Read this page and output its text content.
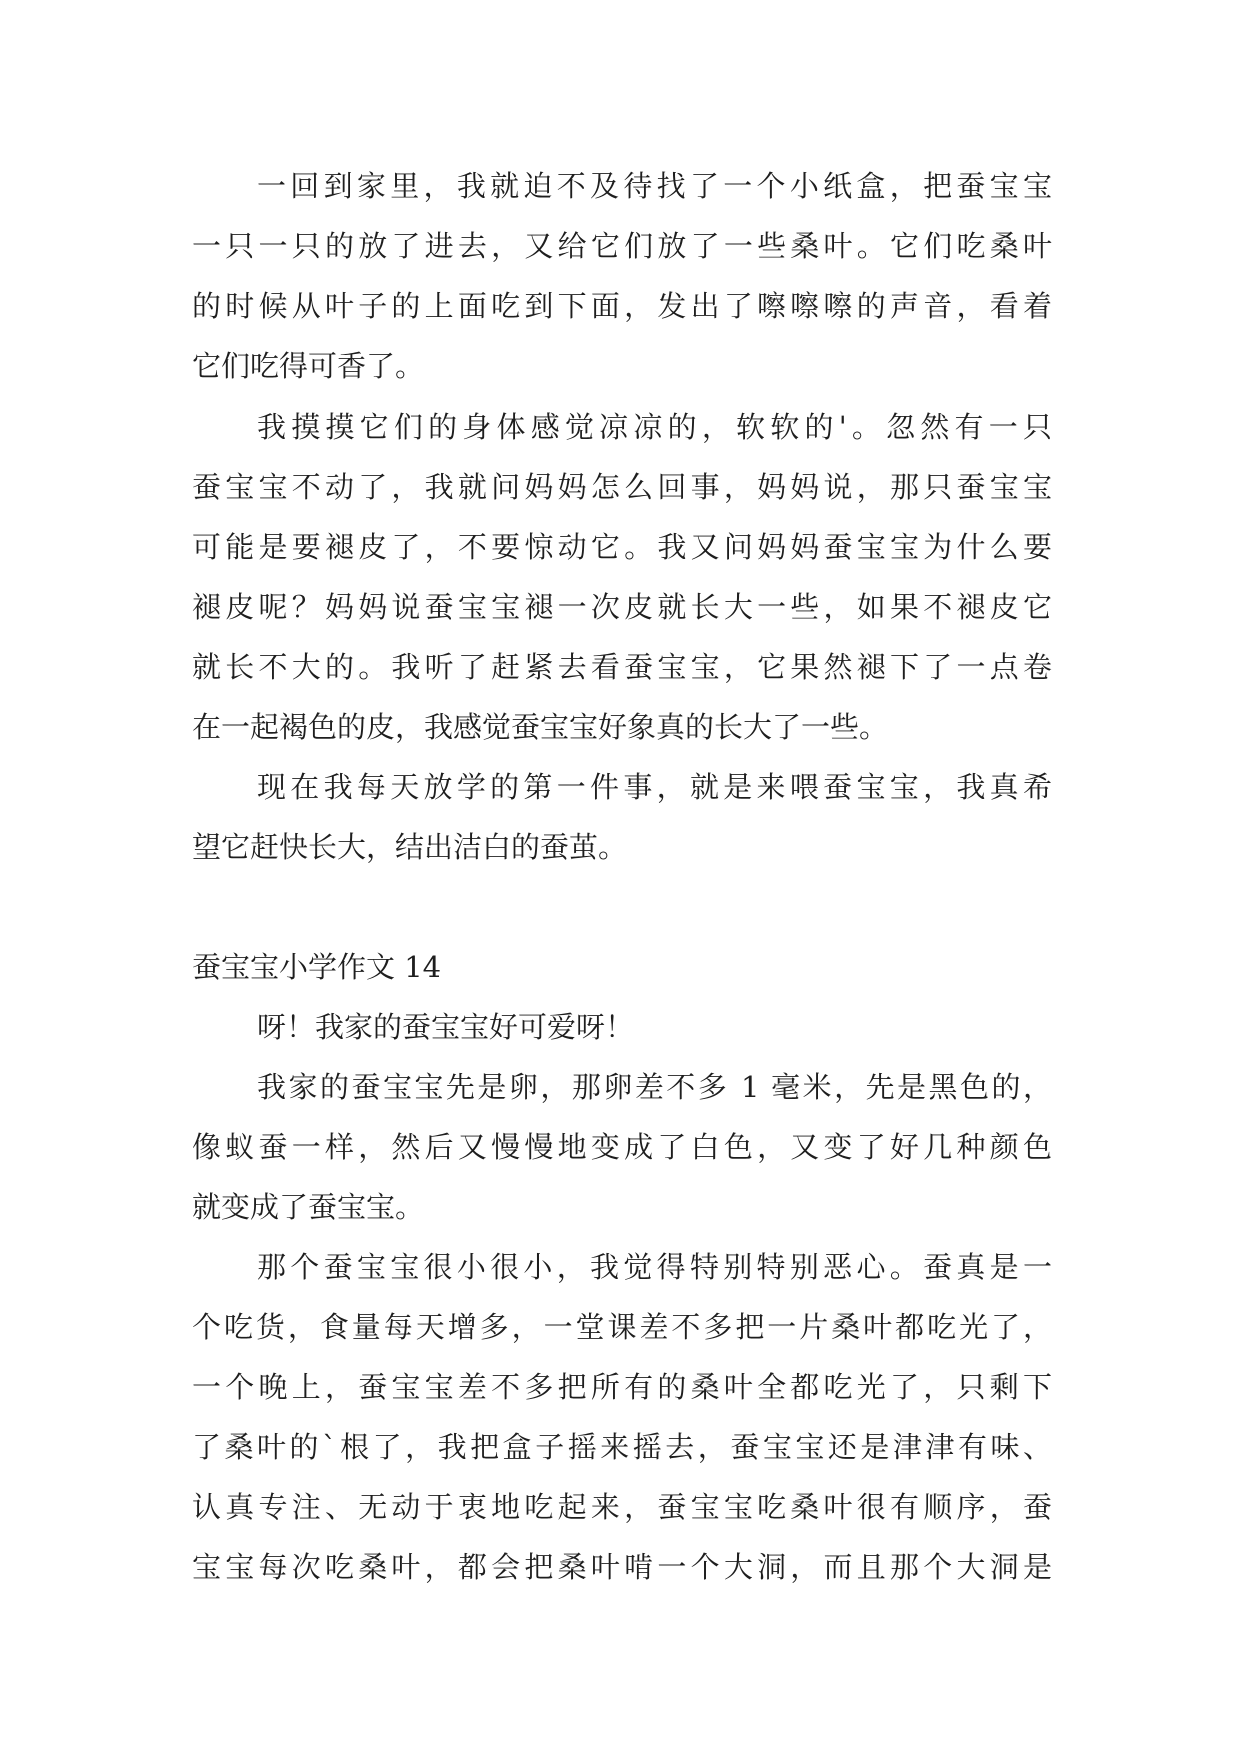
一回到家里，我就迫不及待找了一个小纸盒，把蚕宝宝
一只一只的放了进去，又给它们放了一些桑叶。它们吃桑叶
的时候从叶子的上面吃到下面，发出了嚓嚓嚓的声音，看着
它们吃得可香了。
我摸摸它们的身体感觉凉凉的，软软的'。忽然有一只
蚕宝宝不动了，我就问妈妈怎么回事，妈妈说，那只蚕宝宝
可能是要褪皮了，不要惊动它。我又问妈妈蚕宝宝为什么要
褪皮呢？妈妈说蚕宝宝褪一次皮就长大一些，如果不褪皮它
就长不大的。我听了赶紧去看蚕宝宝，它果然褪下了一点卷
在一起褐色的皮，我感觉蚕宝宝好象真的长大了一些。
现在我每天放学的第一件事，就是来喂蚕宝宝，我真希
望它赶快长大，结出洁白的蚕茧。
蚕宝宝小学作文 14
呀！我家的蚕宝宝好可爱呀！
我家的蚕宝宝先是卵，那卵差不多 1 毫米，先是黑色的，
像蚁蚕一样，然后又慢慢地变成了白色，又变了好几种颜色
就变成了蚕宝宝。
那个蚕宝宝很小很小，我觉得特别特别恶心。蚕真是一
个吃货，食量每天增多，一堂课差不多把一片桑叶都吃光了，
一个晚上，蚕宝宝差不多把所有的桑叶全都吃光了，只剩下
了桑叶的`根了，我把盒子摇来摇去，蚕宝宝还是津津有味、
认真专注、无动于衷地吃起来，蚕宝宝吃桑叶很有顺序，蚕
宝宝每次吃桑叶，都会把桑叶啃一个大洞，而且那个大洞是
